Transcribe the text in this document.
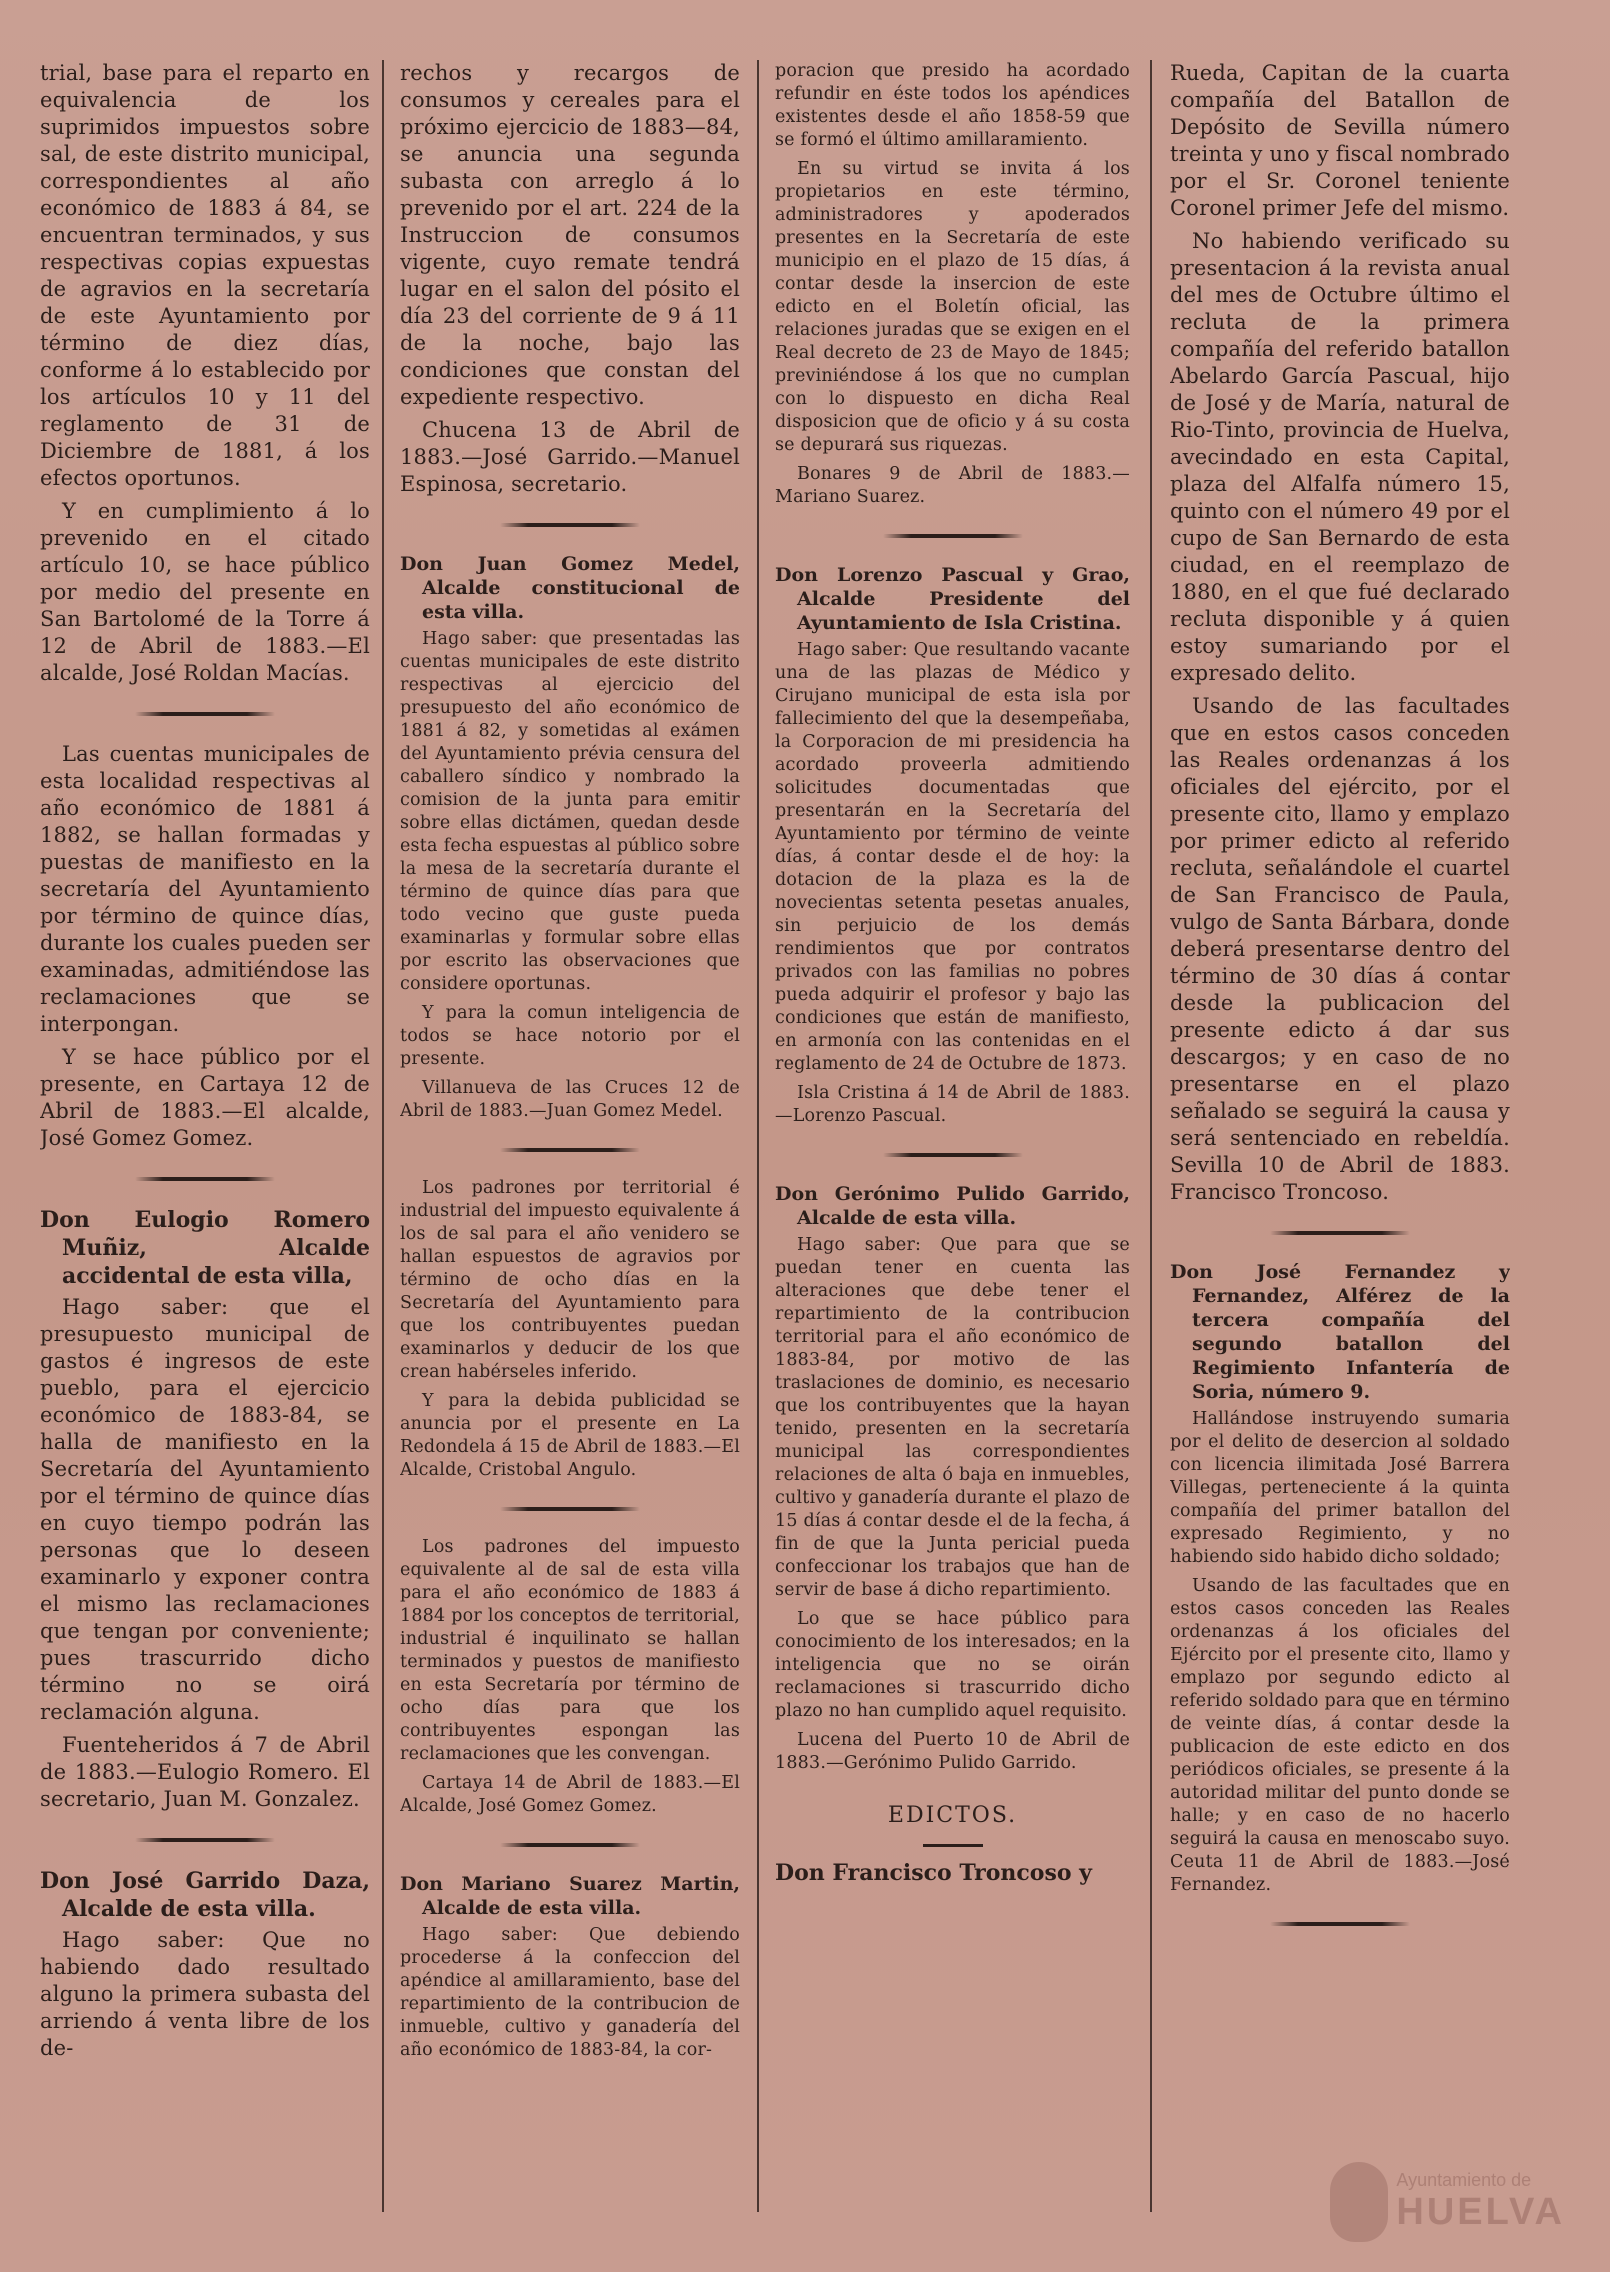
trial, base para el reparto en equivalencia de los suprimidos impuestos sobre sal, de este distrito municipal, correspondientes al año económico de 1883 á 84, se encuentran terminados, y sus respectivas copias expuestas de agravios en la secretaría de este Ayuntamiento por término de diez días, conforme á lo establecido por los artículos 10 y 11 del reglamento de 31 de Diciembre de 1881, á los efectos oportunos.

Y en cumplimiento á lo prevenido en el citado artículo 10, se hace público por medio del presente en San Bartolomé de la Torre á 12 de Abril de 1883.—El alcalde, José Roldan Macías.

Las cuentas municipales de esta localidad respectivas al año económico de 1881 á 1882, se hallan formadas y puestas de manifiesto en la secretaría del Ayuntamiento por término de quince días, durante los cuales pueden ser examinadas, admitiéndose las reclamaciones que se interpongan.

Y se hace público por el presente, en Cartaya 12 de Abril de 1883.—El alcalde, José Gomez Gomez.

Don Eulogio Romero Muñiz, Alcalde accidental de esta villa,

Hago saber: que el presupuesto municipal de gastos é ingresos de este pueblo, para el ejercicio económico de 1883-84, se halla de manifiesto en la Secretaría del Ayuntamiento por el término de quince días en cuyo tiempo podrán las personas que lo deseen examinarlo y exponer contra el mismo las reclamaciones que tengan por conveniente; pues trascurrido dicho término no se oirá reclamación alguna.

Fuenteheridos á 7 de Abril de 1883.—Eulogio Romero. El secretario, Juan M. Gonzalez.

Don José Garrido Daza, Alcalde de esta villa.

Hago saber: Que no habiendo dado resultado alguno la primera subasta del arriendo á venta libre de los de-

rechos y recargos de consumos y cereales para el próximo ejercicio de 1883—84, se anuncia una segunda subasta con arreglo á lo prevenido por el art. 224 de la Instruccion de consumos vigente, cuyo remate tendrá lugar en el salon del pósito el día 23 del corriente de 9 á 11 de la noche, bajo las condiciones que constan del expediente respectivo.

Chucena 13 de Abril de 1883.—José Garrido.—Manuel Espinosa, secretario.

Don Juan Gomez Medel, Alcalde constitucional de esta villa.

Hago saber: que presentadas las cuentas municipales de este distrito respectivas al ejercicio del presupuesto del año económico de 1881 á 82, y sometidas al exámen del Ayuntamiento prévia censura del caballero síndico y nombrado la comision de la junta para emitir sobre ellas dictámen, quedan desde esta fecha espuestas al público sobre la mesa de la secretaría durante el término de quince días para que todo vecino que guste pueda examinarlas y formular sobre ellas por escrito las observaciones que considere oportunas.

Y para la comun inteligencia de todos se hace notorio por el presente.

Villanueva de las Cruces 12 de Abril de 1883.—Juan Gomez Medel.

Los padrones por territorial é industrial del impuesto equivalente á los de sal para el año venidero se hallan espuestos de agravios por término de ocho días en la Secretaría del Ayuntamiento para que los contribuyentes puedan examinarlos y deducir de los que crean habérseles inferido.

Y para la debida publicidad se anuncia por el presente en La Redondela á 15 de Abril de 1883.—El Alcalde, Cristobal Angulo.

Los padrones del impuesto equivalente al de sal de esta villa para el año económico de 1883 á 1884 por los conceptos de territorial, industrial é inquilinato se hallan terminados y puestos de manifiesto en esta Secretaría por término de ocho días para que los contribuyentes espongan las reclamaciones que les convengan.

Cartaya 14 de Abril de 1883.—El Alcalde, José Gomez Gomez.

Don Mariano Suarez Martin, Alcalde de esta villa.

Hago saber: Que debiendo procederse á la confeccion del apéndice al amillaramiento, base del repartimiento de la contribucion de inmueble, cultivo y ganadería del año económico de 1883-84, la cor-

poracion que presido ha acordado refundir en éste todos los apéndices existentes desde el año 1858-59 que se formó el último amillaramiento.

En su virtud se invita á los propietarios en este término, administradores y apoderados presentes en la Secretaría de este municipio en el plazo de 15 días, á contar desde la insercion de este edicto en el Boletín oficial, las relaciones juradas que se exigen en el Real decreto de 23 de Mayo de 1845; previniéndose á los que no cumplan con lo dispuesto en dicha Real disposicion que de oficio y á su costa se depurará sus riquezas.

Bonares 9 de Abril de 1883.—Mariano Suarez.

Don Lorenzo Pascual y Grao, Alcalde Presidente del Ayuntamiento de Isla Cristina.

Hago saber: Que resultando vacante una de las plazas de Médico y Cirujano municipal de esta isla por fallecimiento del que la desempeñaba, la Corporacion de mi presidencia ha acordado proveerla admitiendo solicitudes documentadas que presentarán en la Secretaría del Ayuntamiento por término de veinte días, á contar desde el de hoy: la dotacion de la plaza es la de novecientas setenta pesetas anuales, sin perjuicio de los demás rendimientos que por contratos privados con las familias no pobres pueda adquirir el profesor y bajo las condiciones que están de manifiesto, en armonía con las contenidas en el reglamento de 24 de Octubre de 1873.

Isla Cristina á 14 de Abril de 1883.—Lorenzo Pascual.

Don Gerónimo Pulido Garrido, Alcalde de esta villa.

Hago saber: Que para que se puedan tener en cuenta las alteraciones que debe tener el repartimiento de la contribucion territorial para el año económico de 1883-84, por motivo de las traslaciones de dominio, es necesario que los contribuyentes que la hayan tenido, presenten en la secretaría municipal las correspondientes relaciones de alta ó baja en inmuebles, cultivo y ganadería durante el plazo de 15 días á contar desde el de la fecha, á fin de que la Junta pericial pueda confeccionar los trabajos que han de servir de base á dicho repartimiento.

Lo que se hace público para conocimiento de los interesados; en la inteligencia que no se oirán reclamaciones si trascurrido dicho plazo no han cumplido aquel requisito.

Lucena del Puerto 10 de Abril de 1883.—Gerónimo Pulido Garrido.

EDICTOS.

Don Francisco Troncoso y

Rueda, Capitan de la cuarta compañía del Batallon de Depósito de Sevilla número treinta y uno y fiscal nombrado por el Sr. Coronel teniente Coronel primer Jefe del mismo.

No habiendo verificado su presentacion á la revista anual del mes de Octubre último el recluta de la primera compañía del referido batallon Abelardo García Pascual, hijo de José y de María, natural de Rio-Tinto, provincia de Huelva, avecindado en esta Capital, plaza del Alfalfa número 15, quinto con el número 49 por el cupo de San Bernardo de esta ciudad, en el reemplazo de 1880, en el que fué declarado recluta disponible y á quien estoy sumariando por el expresado delito.

Usando de las facultades que en estos casos conceden las Reales ordenanzas á los oficiales del ejército, por el presente cito, llamo y emplazo por primer edicto al referido recluta, señalándole el cuartel de San Francisco de Paula, vulgo de Santa Bárbara, donde deberá presentarse dentro del término de 30 días á contar desde la publicacion del presente edicto á dar sus descargos; y en caso de no presentarse en el plazo señalado se seguirá la causa y será sentenciado en rebeldía. Sevilla 10 de Abril de 1883. Francisco Troncoso.

Don José Fernandez y Fernandez, Alférez de la tercera compañía del segundo batallon del Regimiento Infantería de Soria, número 9.

Hallándose instruyendo sumaria por el delito de desercion al soldado con licencia ilimitada José Barrera Villegas, perteneciente á la quinta compañía del primer batallon del expresado Regimiento, y no habiendo sido habido dicho soldado;

Usando de las facultades que en estos casos conceden las Reales ordenanzas á los oficiales del Ejército por el presente cito, llamo y emplazo por segundo edicto al referido soldado para que en término de veinte días, á contar desde la publicacion de este edicto en dos periódicos oficiales, se presente á la autoridad militar del punto donde se halle; y en caso de no hacerlo seguirá la causa en menoscabo suyo. Ceuta 11 de Abril de 1883.—José Fernandez.

Ayuntamiento de
HUELVA
